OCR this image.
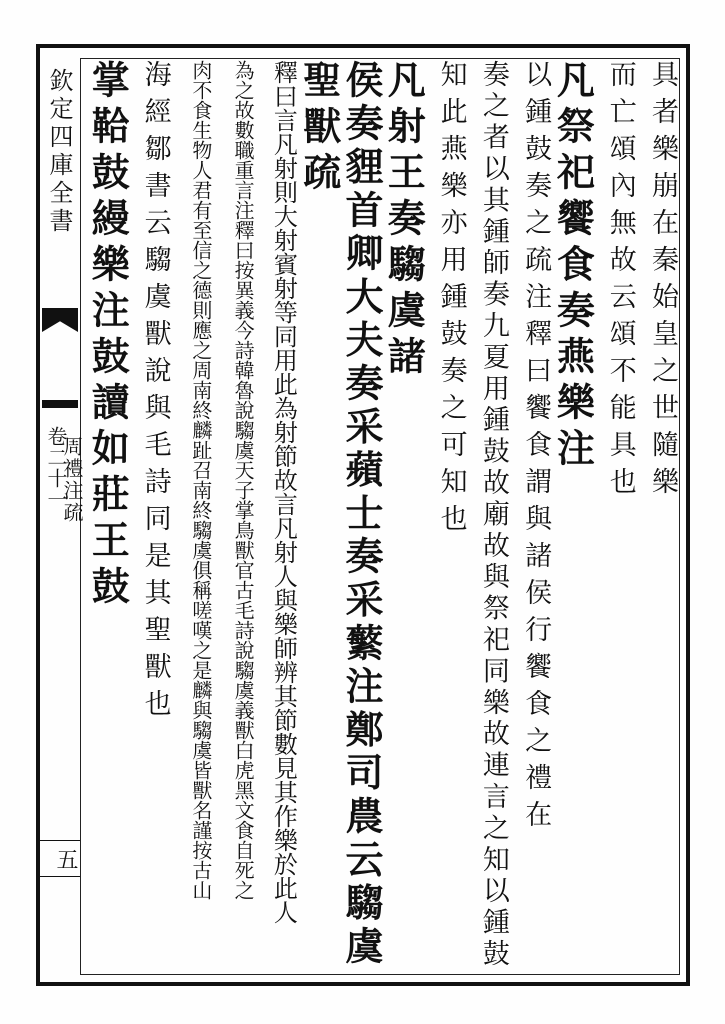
欽定四庫全書
卷二十一
周禮注疏
五
具者樂崩在秦始皇之世隨樂
而亡頌內無故云頌不能具也
凡祭祀饗食奏燕樂注
以鍾鼓奏之疏注釋曰饗食謂與諸侯行饗食之禮在
奏之者以其鍾師奏九夏用鍾鼓故廟故與祭祀同樂故連言之知以鍾鼓
知此燕樂亦用鍾鼓奏之可知也
凡射王奏騶虞諸
侯奏貍首卿大夫奏采蘋士奏采蘩注鄭司農云騶虞
聖獸疏
釋曰言凡射則大射賓射等同用此為射節故言凡射人與樂師辨其節數見其作樂於此人
為之故數職重言注釋曰按異義今詩韓魯說騶虞天子掌鳥獸官古毛詩說騶虞義獸白虎黑文食自死之
肉不食生物人君有至信之德則應之周南終麟趾召南終騶虞俱稱嗟嘆之是麟與騶虞皆獸名謹按古山
海經鄒書云騶虞獸說與毛詩同是其聖獸也
掌鞈鼓縵樂注鼓讀如莊王鼓
